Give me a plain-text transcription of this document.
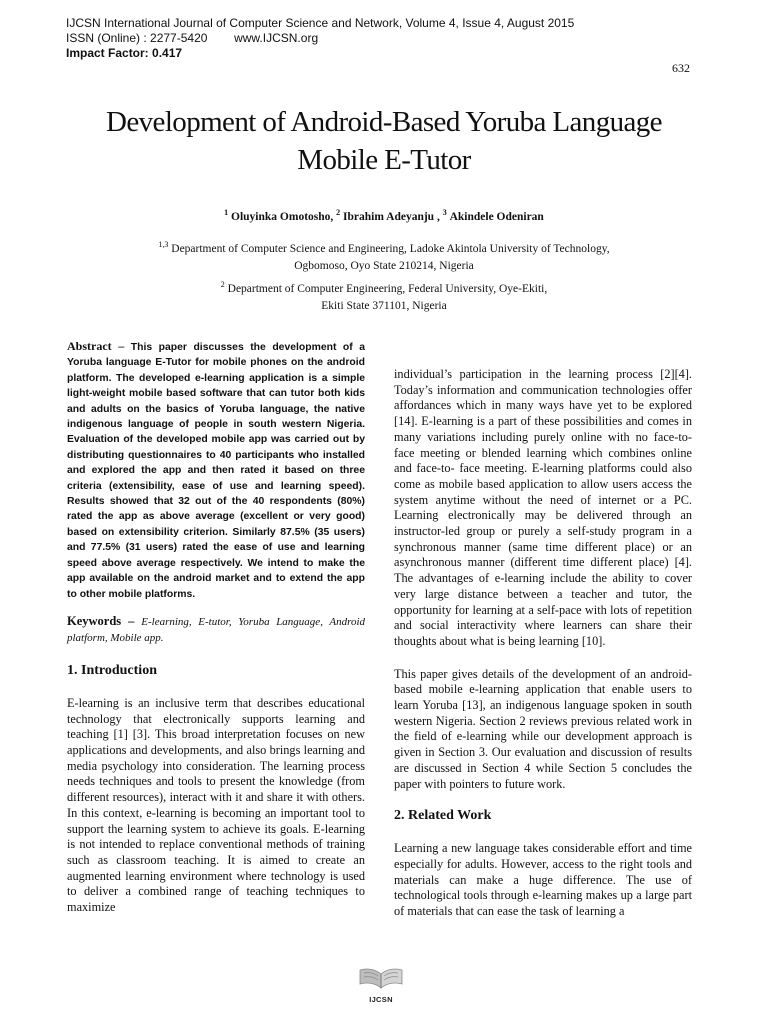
IJCSN International Journal of Computer Science and Network, Volume 4, Issue 4, August 2015
ISSN (Online) : 2277-5420 www.IJCSN.org
Impact Factor: 0.417
632
Development of Android-Based Yoruba Language
Mobile E-Tutor
$^1$ Oluyinka Omotosho, $^2$ Ibrahim Adeyanju , $^3$ Akindele Odeniran
$^{1,3}$ Department of Computer Science and Engineering, Ladoke Akintola University of Technology,
Ogbomoso, Oyo State 210214, Nigeria
$^2$ Department of Computer Engineering, Federal University, Oye-Ekiti,
Ekiti State 371101, Nigeria
Abstract – This paper discusses the development of a Yoruba language E-Tutor for mobile phones on the android platform. The developed e-learning application is a simple light-weight mobile based software that can tutor both kids and adults on the basics of Yoruba language, the native indigenous language of people in south western Nigeria. Evaluation of the developed mobile app was carried out by distributing questionnaires to 40 participants who installed and explored the app and then rated it based on three criteria (extensibility, ease of use and learning speed). Results showed that 32 out of the 40 respondents (80%) rated the app as above average (excellent or very good) based on extensibility criterion. Similarly 87.5% (35 users) and 77.5% (31 users) rated the ease of use and learning speed above average respectively. We intend to make the app available on the android market and to extend the app to other mobile platforms.
Keywords – E-learning, E-tutor, Yoruba Language, Android platform, Mobile app.
1. Introduction

E-learning is an inclusive term that describes educational technology that electronically supports learning and teaching [1] [3]. This broad interpretation focuses on new applications and developments, and also brings learning and media psychology into consideration. The learning process needs techniques and tools to present the knowledge (from different resources), interact with it and share it with others. In this context, e-learning is becoming an important tool to support the learning system to achieve its goals. E-learning is not intended to replace conventional methods of training such as classroom teaching. It is aimed to create an augmented learning environment where technology is used to deliver a combined range of teaching techniques to maximize

individual’s participation in the learning process [2][4]. Today’s information and communication technologies offer affordances which in many ways have yet to be explored [14]. E-learning is a part of these possibilities and comes in many variations including purely online with no face-to-face meeting or blended learning which combines online and face-to- face meeting. E-learning platforms could also come as mobile based application to allow users access the system anytime without the need of internet or a PC. Learning electronically may be delivered through an instructor-led group or purely a self-study program in a synchronous manner (same time different place) or an asynchronous manner (different time different place) [4]. The advantages of e-learning include the ability to cover very large distance between a teacher and tutor, the opportunity for learning at a self-pace with lots of repetition and social interactivity where learners can share their thoughts about what is being learning [10].

This paper gives details of the development of an android-based mobile e-learning application that enable users to learn Yoruba [13], an indigenous language spoken in south western Nigeria. Section 2 reviews previous related work in the field of e-learning while our development approach is given in Section 3. Our evaluation and discussion of results are discussed in Section 4 while Section 5 concludes the paper with pointers to future work.

2. Related Work

Learning a new language takes considerable effort and time especially for adults. However, access to the right tools and materials can make a huge difference. The use of technological tools through e-learning makes up a large part of materials that can ease the task of learning a

IJCSN
